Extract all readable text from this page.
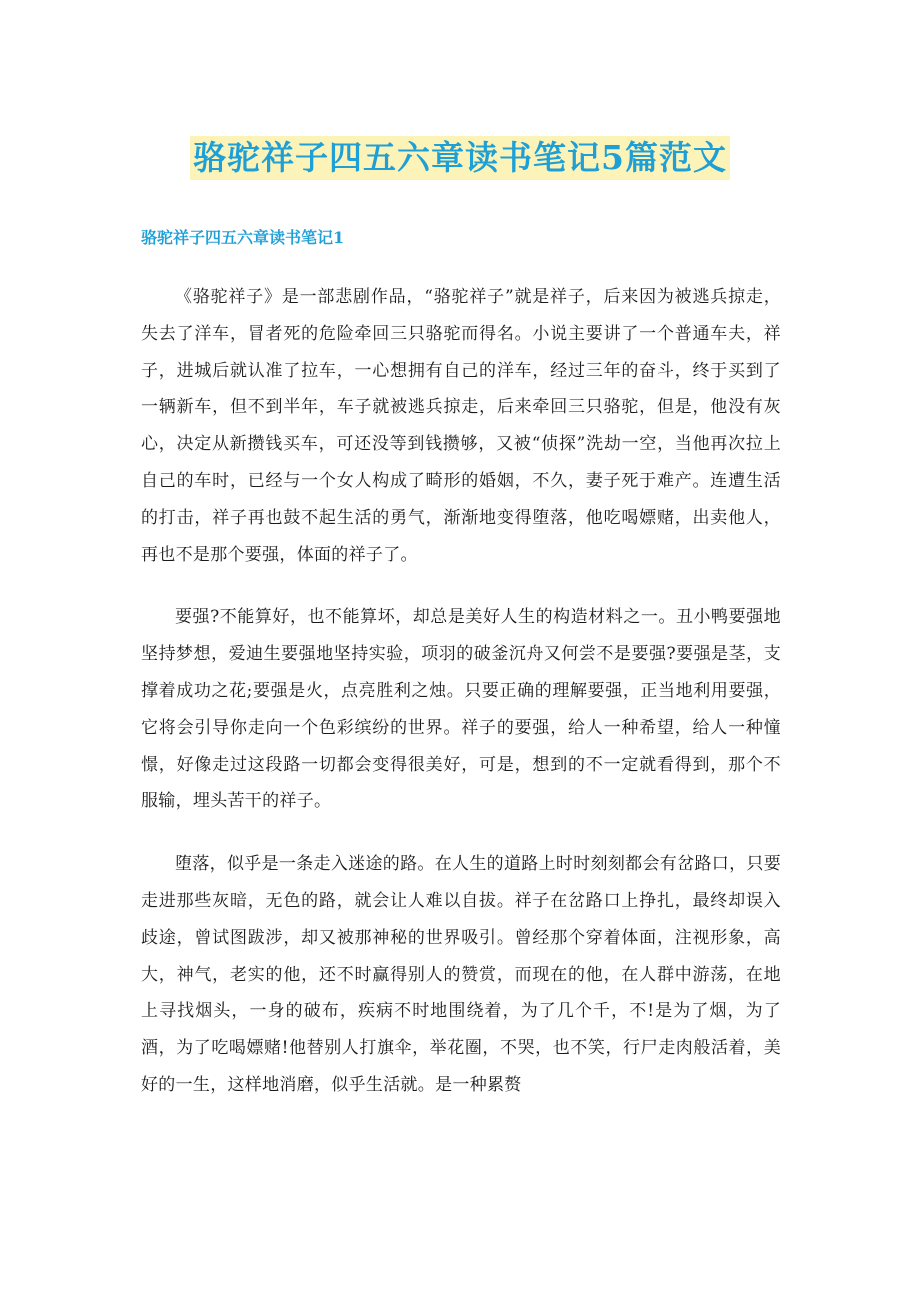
骆驼祥子四五六章读书笔记5篇范文
骆驼祥子四五六章读书笔记1

《骆驼祥子》是一部悲剧作品，“骆驼祥子”就是祥子，后来因为被逃兵掠走，失去了洋车，冒者死的危险牵回三只骆驼而得名。小说主要讲了一个普通车夫，祥子，进城后就认准了拉车，一心想拥有自己的洋车，经过三年的奋斗，终于买到了一辆新车，但不到半年，车子就被逃兵掠走，后来牵回三只骆驼，但是，他没有灰心，决定从新攒钱买车，可还没等到钱攒够，又被“侦探”洗劫一空，当他再次拉上自己的车时，已经与一个女人构成了畸形的婚姻，不久，妻子死于难产。连遭生活的打击，祥子再也鼓不起生活的勇气，渐渐地变得堕落，他吃喝嫖赌，出卖他人，再也不是那个要强，体面的祥子了。

要强?不能算好，也不能算坏，却总是美好人生的构造材料之一。丑小鸭要强地坚持梦想，爱迪生要强地坚持实验，项羽的破釜沉舟又何尝不是要强?要强是茎，支撑着成功之花;要强是火，点亮胜利之烛。只要正确的理解要强，正当地利用要强，它将会引导你走向一个色彩缤纷的世界。祥子的要强，给人一种希望，给人一种憧憬，好像走过这段路一切都会变得很美好，可是，想到的不一定就看得到，那个不服输，埋头苦干的祥子。

堕落，似乎是一条走入迷途的路。在人生的道路上时时刻刻都会有岔路口，只要走进那些灰暗，无色的路，就会让人难以自拔。祥子在岔路口上挣扎，最终却误入歧途，曾试图跋涉，却又被那神秘的世界吸引。曾经那个穿着体面，注视形象，高大，神气，老实的他，还不时赢得别人的赞赏，而现在的他，在人群中游荡，在地上寻找烟头，一身的破布，疾病不时地围绕着，为了几个千，不!是为了烟，为了酒，为了吃喝嫖赌!他替别人打旗伞，举花圈，不哭，也不笑，行尸走肉般活着，美好的一生，这样地消磨，似乎生活就。是一种累赘
